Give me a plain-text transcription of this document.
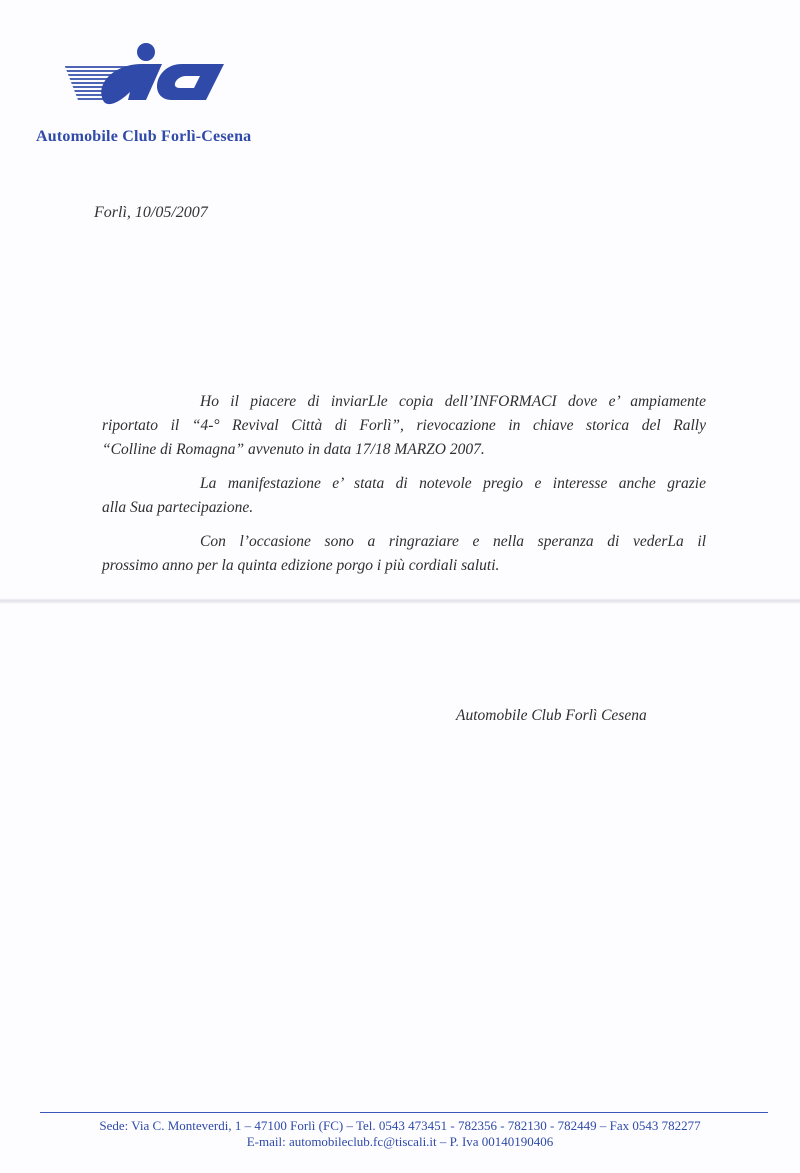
Automobile Club Forlì-Cesena
Forlì, 10/05/2007
Ho il piacere di inviarLle copia dell’INFORMACI dove e’ ampiamente
riportato il “4-° Revival Città di Forlì”, rievocazione in chiave storica del Rally
“Colline di Romagna” avvenuto in data 17/18 MARZO 2007.
La manifestazione e’ stata di notevole pregio e interesse anche grazie
alla Sua partecipazione.
Con l’occasione sono a ringraziare e nella speranza di vederLa il
prossimo anno per la quinta edizione porgo i più cordiali saluti.
Automobile Club Forlì Cesena
Sede: Via C. Monteverdi, 1 – 47100 Forlì (FC) – Tel. 0543 473451 - 782356 - 782130 - 782449 – Fax 0543 782277
E-mail: automobileclub.fc@tiscali.it – P. Iva 00140190406
